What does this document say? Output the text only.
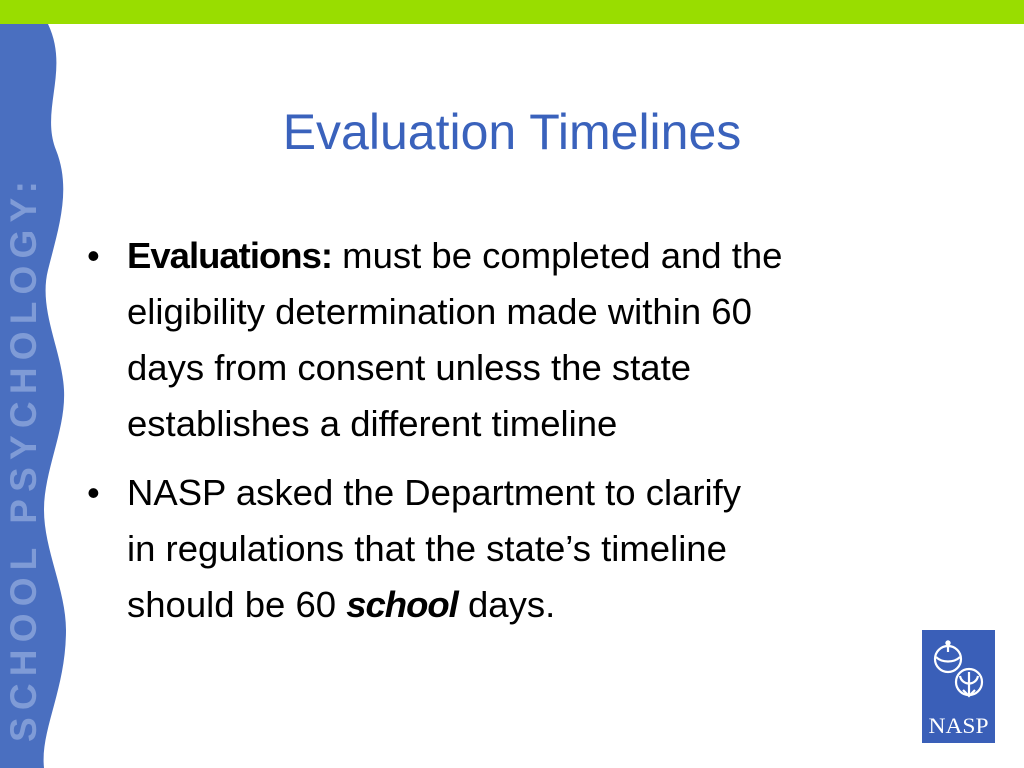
SCHOOL PSYCHOLOGY:
Evaluation Timelines
• Evaluations: must be completed and the
eligibility determination made within 60
days from consent unless the state
establishes a different timeline
• NASP asked the Department to clarify
in regulations that the state’s timeline
should be 60 school days.
NASP
